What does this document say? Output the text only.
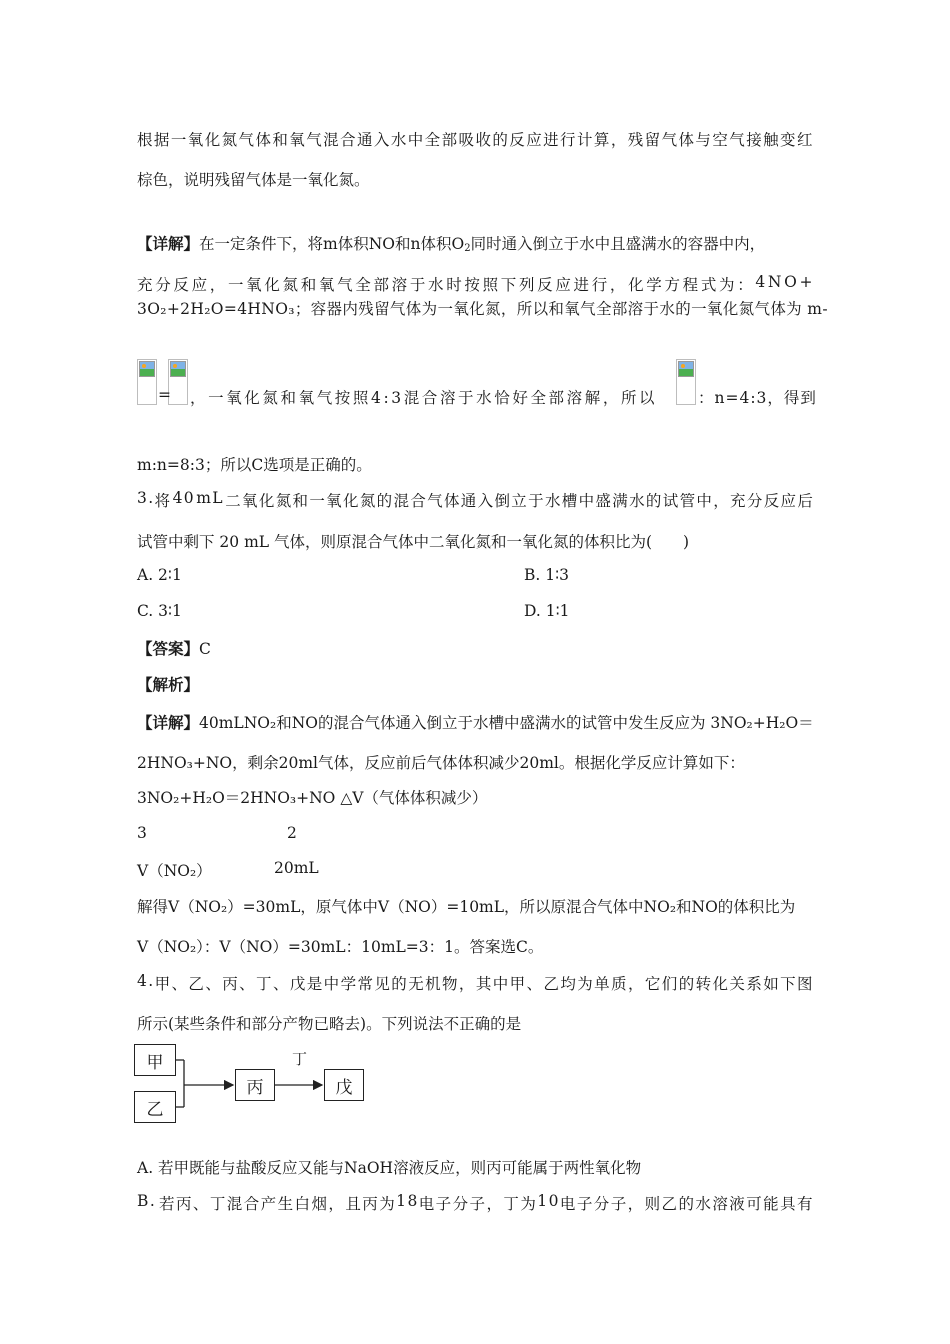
根 据 一 氧 化 氮 气 体 和 氧 气 混 合 通 入 水 中 全 部 吸 收 的 反 应 进 行 计 算 ， 残 留 气 体 与 空 气 接 触 变 红
棕色，说明残留气体是一氧化氮。
【详解】在一定条件下，将m体积NO和n体积$O_2$同时通入倒立于水中且盛满水的容器中内，
充 分 反 应 ， 一 氧 化 氮 和 氧 气 全 部 溶 于 水 时 按 照 下 列 反 应 进 行 ， 化 学 方 程 式 为 ： 4 N O +
3O₂+2H₂O=4HNO₃；容器内残留气体为一氧化氮，所以和氧气全部溶于水的一氧化氮气体为 m-
= ，一氧化氮和氧气按照4:3混合溶于水恰好全部溶解，所以	：n=4:3，得到
m:n=8:3；所以C选项是正确的。
3 . 将 4 0 m L 二 氧 化 氮 和 一 氧 化 氮 的 混 合 气 体 通 入 倒 立 于 水 槽 中 盛 满 水 的 试 管 中 ， 充 分 反 应 后
试管中剩下 20 mL 气体，则原混合气体中二氧化氮和一氧化氮的体积比为(　　)
A. 2∶1	B. 1∶3
C. 3∶1	D. 1∶1
【答案】C
【解析】
【详解】40mLNO₂和NO的混合气体通入倒立于水槽中盛满水的试管中发生反应为 3NO₂+H₂O＝
2HNO₃+NO，剩余20ml气体，反应前后气体体积减少20ml。根据化学反应计算如下：
3NO₂+H₂O＝2HNO₃+NO △V（气体体积减少）
3	2
V（NO₂）	20mL
解得V（NO₂）=30mL，原气体中V（NO）=10mL，所以原混合气体中NO₂和NO的体积比为
V（NO₂）：V（NO）=30mL：10mL=3：1。答案选C。
4 . 甲 、 乙 、 丙 、 丁 、 戊 是 中 学 常 见 的 无 机 物 ， 其 中 甲 、 乙 均 为 单 质 ， 它 们 的 转 化 关 系 如 下 图
所示(某些条件和部分产物已略去)。下列说法不正确的是
甲
乙
丙	戊
丁
A. 若甲既能与盐酸反应又能与NaOH溶液反应，则丙可能属于两性氧化物
B . 若 丙 、 丁 混 合 产 生 白 烟 ， 且 丙 为 1 8 电 子 分 子 ， 丁 为 1 0 电 子 分 子 ， 则 乙 的 水 溶 液 可 能 具 有
